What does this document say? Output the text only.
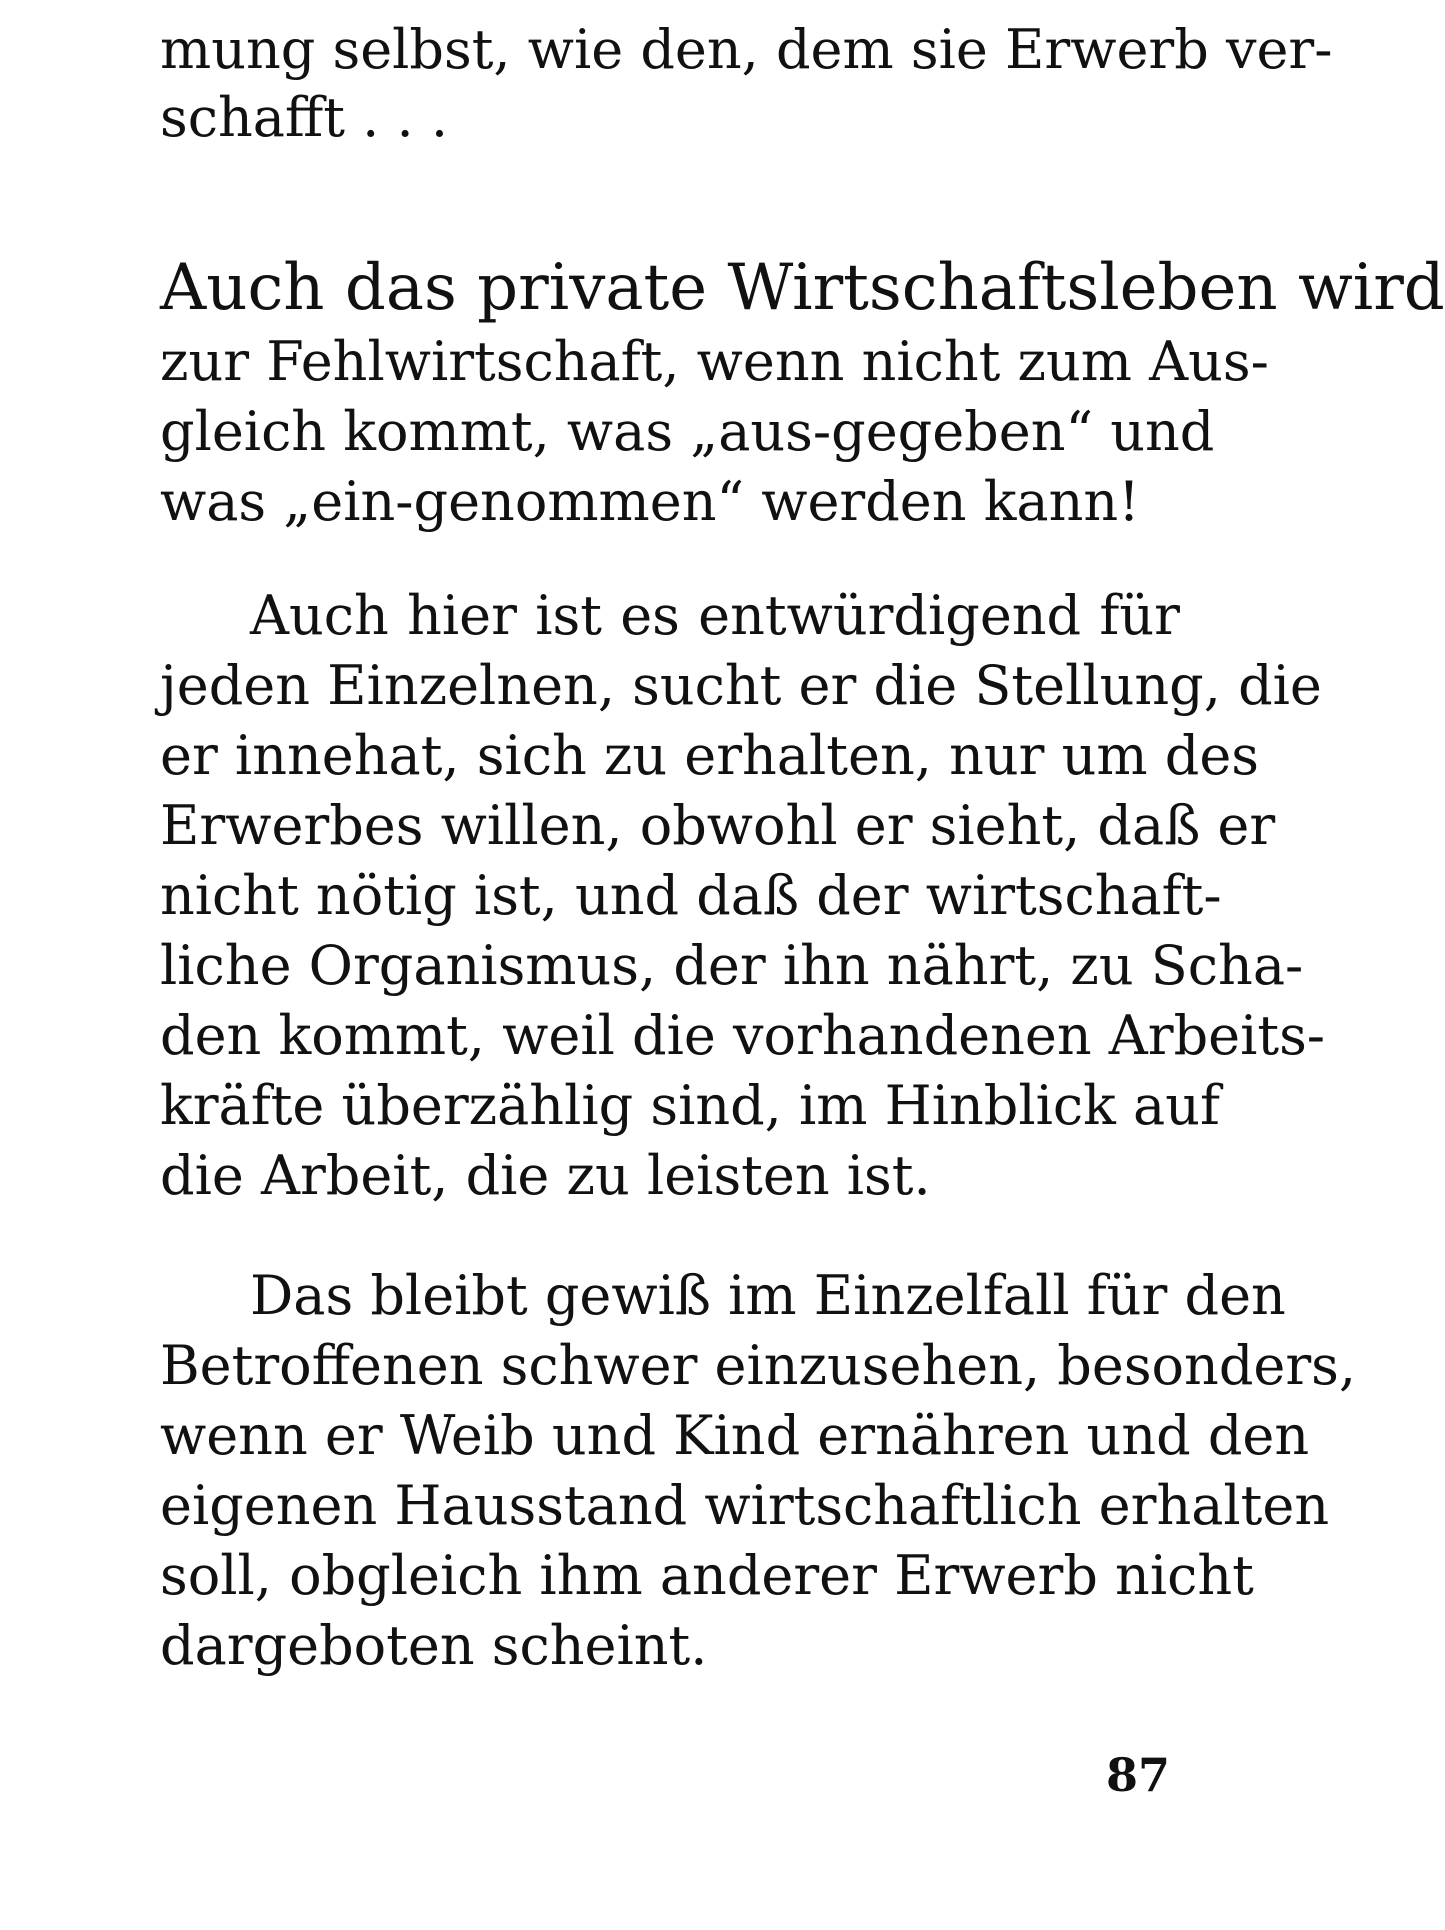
mung selbst, wie den, dem sie Erwerb ver-
schafft . . .
Auch das private Wirtschaftsleben wird
zur Fehlwirtschaft, wenn nicht zum Aus-
gleich kommt, was „aus-gegeben“ und
was „ein-genommen“ werden kann!
Auch hier ist es entwürdigend für
jeden Einzelnen, sucht er die Stellung, die
er innehat, sich zu erhalten, nur um des
Erwerbes willen, obwohl er sieht, daß er
nicht nötig ist, und daß der wirtschaft-
liche Organismus, der ihn nährt, zu Scha-
den kommt, weil die vorhandenen Arbeits-
kräfte überzählig sind, im Hinblick auf
die Arbeit, die zu leisten ist.
Das bleibt gewiß im Einzelfall für den
Betroffenen schwer einzusehen, besonders,
wenn er Weib und Kind ernähren und den
eigenen Hausstand wirtschaftlich erhalten
soll, obgleich ihm anderer Erwerb nicht
dargeboten scheint.
87
